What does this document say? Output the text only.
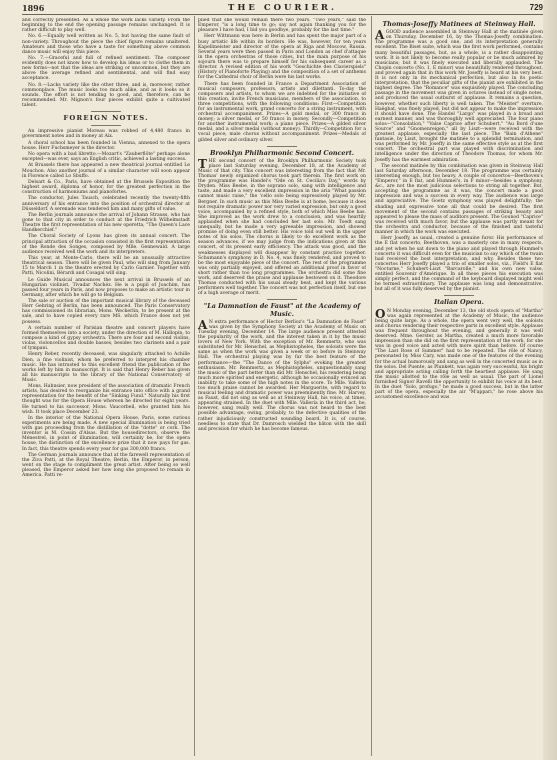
1896	THE COURIER.	729

and correctly presented. As a whole the work lacks variety. From the beginning to the end the opening passage remains unchanged. It is rather difficult to play well.

No. 6.—Equally well written as No. 5, but having the same fault of non-variety. Throughout the piece the chief figure remains unaltered. Amateurs and those who have a taste for something above common dance music will enjoy this piece.

No. 7.—Graceful and full of refined sentiment. The composer evidently does not know how to develop his ideas or to clothe them in new forms—not that the ideas are striking or uncommon, but they are above the average refined and sentimental, and will find easy acceptance.

No. 8.—Lacks variety like the other three, and is, moreover, rather commonplace. The music looks too much alike, and as it looks so it sounds. The effort is not tending to good, and, therefore, can be recommended. Mr. Mignon's four pieces exhibit quite a cultivated talent.

FOREIGN NOTES.

An impressive pianist Moreau was robbed of 4,480 francs in government notes and in money at Aix.

A choral school has been founded in Vienna, annexed to the opera house. Herr Fuchsmeyer is the director.

No opera with a bad libretto.—Mozart's "Zauberflöte" perhaps alone excepted—was ever, says an English critic, achieved a lasting success.

At Brussels there has appeared a new theatrical journal entitled Le Mouchon. Also another journal of a similar character will soon appear in Florence called Lo Sbuffo.

Delsart & Co., Paris, have obtained at the Brussels Exposition the highest award, diploma of honor, for the greatest perfection in the construction of harmoniums and pianofortes.

The conductor, Jules Tausch, celebrated recently the twenty-fifth anniversary of his entrance into the position of orchestral director at Düsseldorf. A serenade was tendered him and many gifts of value.

The Berlin journals announce the arrival of Johann Strauss, who has gone to that city in order to conduct at the Friedrich Wilhelmstadt Theatre the first representation of his new operetta, "The Queen's Lace Handkerchief."

The Choral Society of Lyons has given its annual concert. The principal attraction of the occasion consisted in the first representation of the Ronde des Songes, composed by Mlle. Gennewald. A large audience received well the work and its interpreters.

This year, at Monte-Carlo, there will be an unusually attractive theatrical season. There will be given Paul, who will sing from January 15 to March 1 in the theatre erected by Carlo Garnier. Together with Patti, Nicolini, Bérardi and Cosagal will sing.

Le Guide Musical announces the next arrival in Brussels of an Hungarian violinist, Tivadar Nachéz. He is a pupil of Joachim, has passed four years in Paris, and now proposes to make an artistic tour in Germany, after which he will go to Belgium.

The sale or auction of the important musical library of the deceased Herr Gehring of Berlin, has been announced. The Paris Conservatory has commissioned its librarian, Mons. Weckerlin, to be present at the sale, and to have copied every rare MS. which France does not yet possess.

A certain number of Parisian theatre and concert players have formed themselves into a society, under the direction of M. Hallopin, to compose a kind of gypsy orchestra. There are four and second violins, violas, violoncellos and double basses, besides two clarinets and a pair of tympani.

Henry Reber, recently deceased, was singularly attached to Achille Dien, a fine violinist, whom he preferred to interpret his chamber music. He has intrusted to this excellent friend the publication of the works left by him in manuscript. It is said that Henry Reber has given all his manuscripts to the library of the National Conservatory of Music.

Mons. Hahnsier, now president of the association of dramatic French artists, has desired to reorganize his entrance into office with a grand representation for the benefit of the "Sinking Fund." Naturally his first thought was for the Opera House whereon he directed for eight years. He turned to his successor, Mons. Vaucorbeil, who granted him his wish. It took place December 23.

In the interior of the National Opera House, Paris, some curious experiments are being made. A new special illumination is being tried with gas proceeding from the distillation of the "dotte" or cork. The inventor is M. Cossin d'Alsas. But the housedirectors, observe the Ménestrel, in point of illumination, will certainly be, for the opera house, the distinction of the excellence prize that it now pays for gas. In fact, this theatre spends every year for gas 300,000 francs.

The German journals announce that at the farewell representation of the Ziva Patti, at the Royal Theatre, Berlin, the Emperor, in person, went on the stage to compliment the great artist. After being so well pleased, the Emperor asked her how long she proposed to remain in America. Patti re-

plied that she would remain there two years. "Two years," said the Emperor, "is a long time to go; say not again thanking you for the pleasure I have had, I bid you goodbye, probably for the last time."

Herr Wittmann was here in Berlin and has spent the major part of a busy artistic life within its borders. He was, however, for ten years Kapellmeister and director of the opera at Riga and Moscow, Russia. Several years were then passed in Paris and London as chef d'attaque in the opera orchestras of those cities, but the main purpose of his sojourn there was to prepare himself for his subsequent career as a director. A revised edition of his work "Geschichte des Clavierspiels" (History of Pianoforte Playing) and the composition of a set of anthems for the Cathedral choir of Berlin were his last works.

There has been founded in France a Department Association of musical composers, professors, artists and dilettanti. To-day the composers and artists, to whom we are indebted for the initiative of this creation, invite French musicians, members of the association, to three competitions, with the following conditions: First—Competition for an instrumental work, grand concerto for a string instrument, with orchestral accompaniment. Prizes—A gold medal, or 300 francs in money; a silver medal, or 50 francs in money. Secondly—Competition for another instrumental work; a piano piece. Prizes—A gilded silver medal, and a silver medal (without money). Thirdly—Competition for a vocal piece; male chorus without accompaniment. Prizes—Medals of gilded silver and ordinary silver.

Brooklyn Philharmonic Second Concert.

THE second concert of the Brooklyn Philharmonic Society took place last Saturday evening, December 18, at the Academy of Music of that city. This concert was interesting from the fact that Mr. Thomas' newly organized chorus took part therein. The first work on the programme was Handel's "Ode on St. Cecilia's Day," words by Dryden. Miss Beebe, in the soprano solo, sang with intelligence and taste, and made a very excellent impression in the aria "What passion cannot music raise," the 'cello solo being expressively played by Mr. Bergner. In such music as this Miss Beebe is at home, because it does not require dramatic power nor very varied expression, but only a good voice, accompanied by a refined style, both of which Miss Beebe has. She improved as the work drew to a conclusion, and was heartily applauded when she had concluded her last solo. Mr. Toedt sang unequally, but he made a very agreeable impression, and showed promise of doing even still better. His voice told out well in the upper notes of his solos. The chorus is likely to do excellent work as the season advances, if we may judge from the indications given at this concert, of its present early efficiency. The attack was good, and the weaknesses displayed will disappear by constant practice together. Schumann's symphony in D, No. 4, was finely rendered, and proved to be the most enjoyable piece of the concert. The rest of the programme was only partially enjoyed, and offered an additional proof in favor of short rather than too long programmes. The orchestra did some fine work, and deserved the praise and applause bestowed on it. Theodore Thomas conducted with his usual steady beat, and kept the various performers well together. The concert was not perfection itself, but one of a high average of merit.

"La Damnation de Faust" at the Academy of Music.

A N extra performance of Hector Berlioz's "La Damnation de Faust" was given by the Symphony Society at the Academy of Music on Tuesday evening, December 14. The large audience present attested the popularity of the work, and the interest taken in it by the music lovers of New York. With the exception of Mr. Remmertz, who was substituted for Mr. Henschel, as Mephistopheles, the soloists were the same as when the work was given a week or so before in Steinway Hall. The orchestral playing was by far the best feature of the performance—the "The Dance of the Sylphs" evoking the greatest enthusiasm. Mr. Remmertz, as Mephistopheles, unquestionably sang the music of the part better than did Mr. Henschel, his rendering being much more spirited and energetic, although he occasionally evinced an inability to take some of the high notes in the score. To Mlle. Vallería too much praise cannot be awarded. Her Marguerite, with regard to musical feeling and dramatic power was preeminently fine. Mr. Harvey, as Faust, did not sing as well as at Steinway Hall, his voice, at times, appearing strained. In the duet with Mlle. Vallería in the third act, he, however, sang really well. The chorus was not heard to the best possible advantage, owing, probably, to the defective qualities of the rather injudiciously constructed sounding board. It is, of course, needless to state that Dr. Damrosch wielded the bâton with the skill and precision for which he has become famous.

Thomas-Joseffy Matinees at Steinway Hall.

AGOOD audience assembled in Steinway Hall at the matinée given on Thursday, December 16, by the Thomas-Joseffy combination. The programme was a good one, and its interpretation generally excellent. The Biset suite, which was the first work performed, contains many beautiful passages, but, as a whole, is a rather disappointing work. It is not likely to become really popular or be much admired by musicians; but it was finely executed and liberally applauded. The Chopin concerto (No. 1, E minor) was beautifully rendered throughout, and proved again that in this work Mr. Joseffy is heard at his very best. It is not only in its mechanical perfection, but also in its poetic interpretation, that the peculiar gifts of the pianist are exhibited in the highest degree. The "Romance" was exquisitely played. The concluding passage in the movement was given in octaves instead of single notes, and produced the usual outburst of applause. It remains a question, however, whether such liberty is well taken. The "Meister" overture, Haëgbat, was finely played, but did not appear to make the impression it should have done. The Handel "Largo" was played in a broad and earnest manner, and was thoroughly well appreciated. The four piano solos—"Consolation," "Valse Caprice after Schubert," "Au Bord d'une Source" and "Gnomenreigen," all by Liszt—were received with the greatest applause, especially the last piece. The "Bain d'Athene" fantasie, by Liszt, brought the matinée to a splendid termination, and was performed by Mr. Joseffy in the same effective style as at the first concert. The orchestral part was played with discrimination and intelligence under the direction of Theodore Thomas, for whom Mr. Joseffy has the warmest admiration.

The second matinée by this combination was given in Steinway Hall last Saturday afternoon, December 18. The programme was certainly interesting enough, but too heavy. A couple of concertos—Beethoven's "Emperor," in E flat, and Hummel's, in F minor—besides a symphony, &c., are not the most judicious selections to string all together. But, accepting the programme as it was, the concert made a good impression and was a success in every way. The audience was large and appreciative. The Goetz symphony was played delightfully; the shading and expressive tone all that could be desired. The first movement of the second contains passages of striking beauty and appeared to please the mass of auditors present. The Gounod "Caprice" was received with much favor, but the applause was partly meant for the orchestra and conductor, because of the finished and tasteful manner in which the work was executed.

Herr Joseffy, as usual, created a genuine furor. His performance of the E flat concerto, Beethoven, was a masterly one in many respects, and yet when he sat down to the piano and played through Hummel's concerto it was difficult even for the musician to say which of the twain had received the best interpretation, and why. Besides these two concertos Herr Joseffy played a trio of smaller solos, viz., Field's E flat "Nocturne," Schubert-Liszt "Barcarolle," and his own new valse, entitled Souvenir d'Amérique. In all these pieces his execution was simply perfect, and the command of the keyboard displayed might well be termed extraordinary. The applause was long and demonstrative, but all of it was fully deserved by the pianist.

Italian Opera.

O N Monday evening, December 13, the old stock opera of "Martha" was again represented at the Academy of Music, the audience being quite large. As a whole, the opera went very well, the soloists and chorus rendering their respective parts in excellent style. Applause was frequent throughout the evening, and generally it was well deserved. Mme. Gerster, as Martha, created a much more favorable impression than she did on the first representation of the work, for she was in good voice and acted with more spirit than before. Of course "The Last Rose of Summer" had to be repeated. The rôle of Nancy, personated by Miss Cary, was made one of the features of the evening for the actual humorously and sang as well in the concerted music as in the solos. Del Puente, as Plunkett, was again very successful, his bright and appropriate acting calling forth the heartiest applause. He sang the music allotted to the rôle as well as usual. The part of Lionel furnished Signor Ravelli the opportunity to exhibit his voice at its best. In the duet "Solo, profugo," he made a good success, but in the latter part of the opera, especially the air "M'appari," he rose above his accustomed excellence and was
